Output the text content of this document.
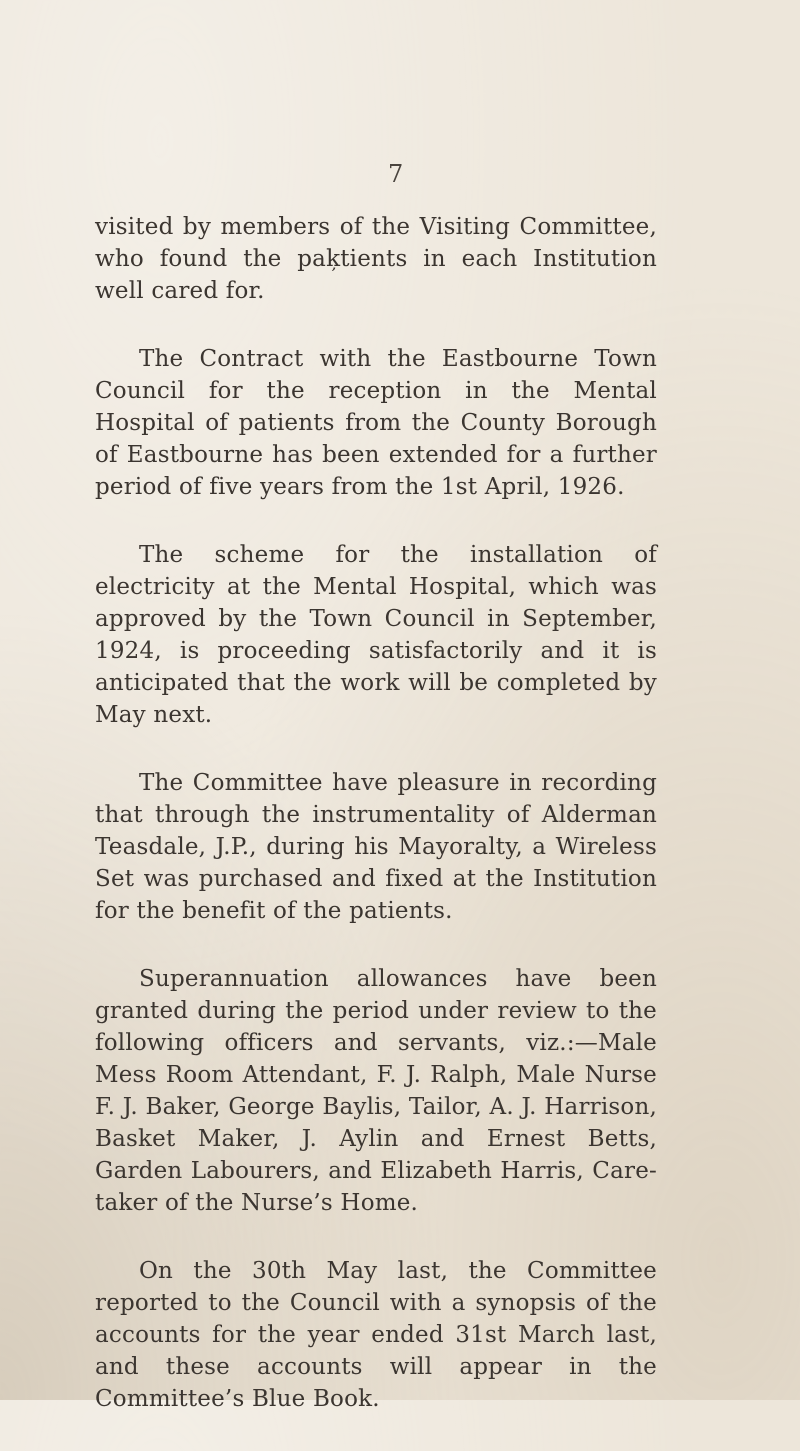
7

visited by members of the Visiting Committee, who found the paķtients in each Institution well cared for.

The Contract with the Eastbourne Town Council for the reception in the Mental Hospital of patients from the County Borough of Eastbourne has been extended for a further period of five years from the 1st April, 1926.

The scheme for the installation of electricity at the Mental Hospital, which was approved by the Town Council in September, 1924, is proceeding satisfactorily and it is anticipated that the work will be completed by May next.

The Committee have pleasure in recording that through the instrumentality of Alderman Teasdale, J.P., during his Mayoralty, a Wireless Set was purchased and fixed at the Institution for the benefit of the patients.

Superannuation allowances have been granted during the period under review to the following officers and servants, viz.:—Male Mess Room Attendant, F. J. Ralph, Male Nurse F. J. Baker, George Baylis, Tailor, A. J. Harrison, Basket Maker, J. Aylin and Ernest Betts, Garden Labourers, and Elizabeth Harris, Care-taker of the Nurse’s Home.

On the 30th May last, the Committee reported to the Council with a synopsis of the accounts for the year ended 31st March last, and these accounts will appear in the Committee’s Blue Book.
